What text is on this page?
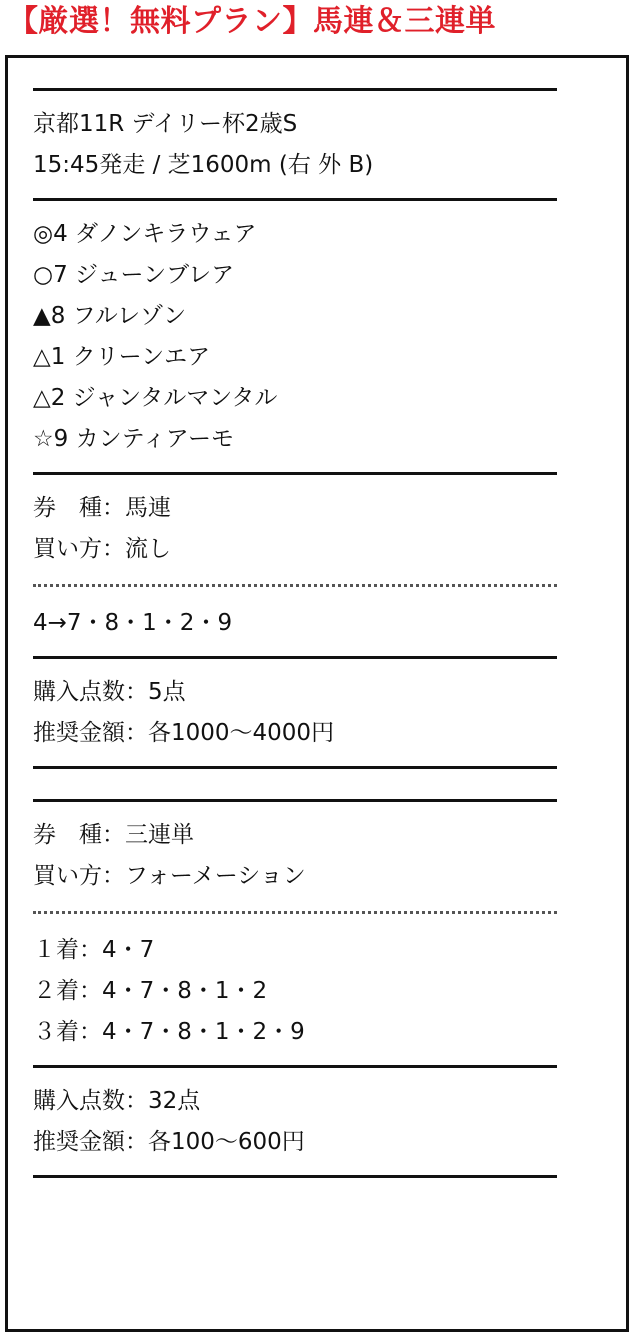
【厳選！無料プラン】馬連＆三連単
京都11R デイリー杯2歳S
15:45発走 / 芝1600m (右 外 B)
◎4 ダノンキラウェア
○7 ジューンブレア
▲8 フルレゾン
△1 クリーンエア
△2 ジャンタルマンタル
☆9 カンティアーモ
券　種：馬連
買い方：流し
4→7・8・1・2・9
購入点数：5点
推奨金額：各1000〜4000円
券　種：三連単
買い方：フォーメーション
１着：4・7
２着：4・7・8・1・2
３着：4・7・8・1・2・9
購入点数：32点
推奨金額：各100〜600円
